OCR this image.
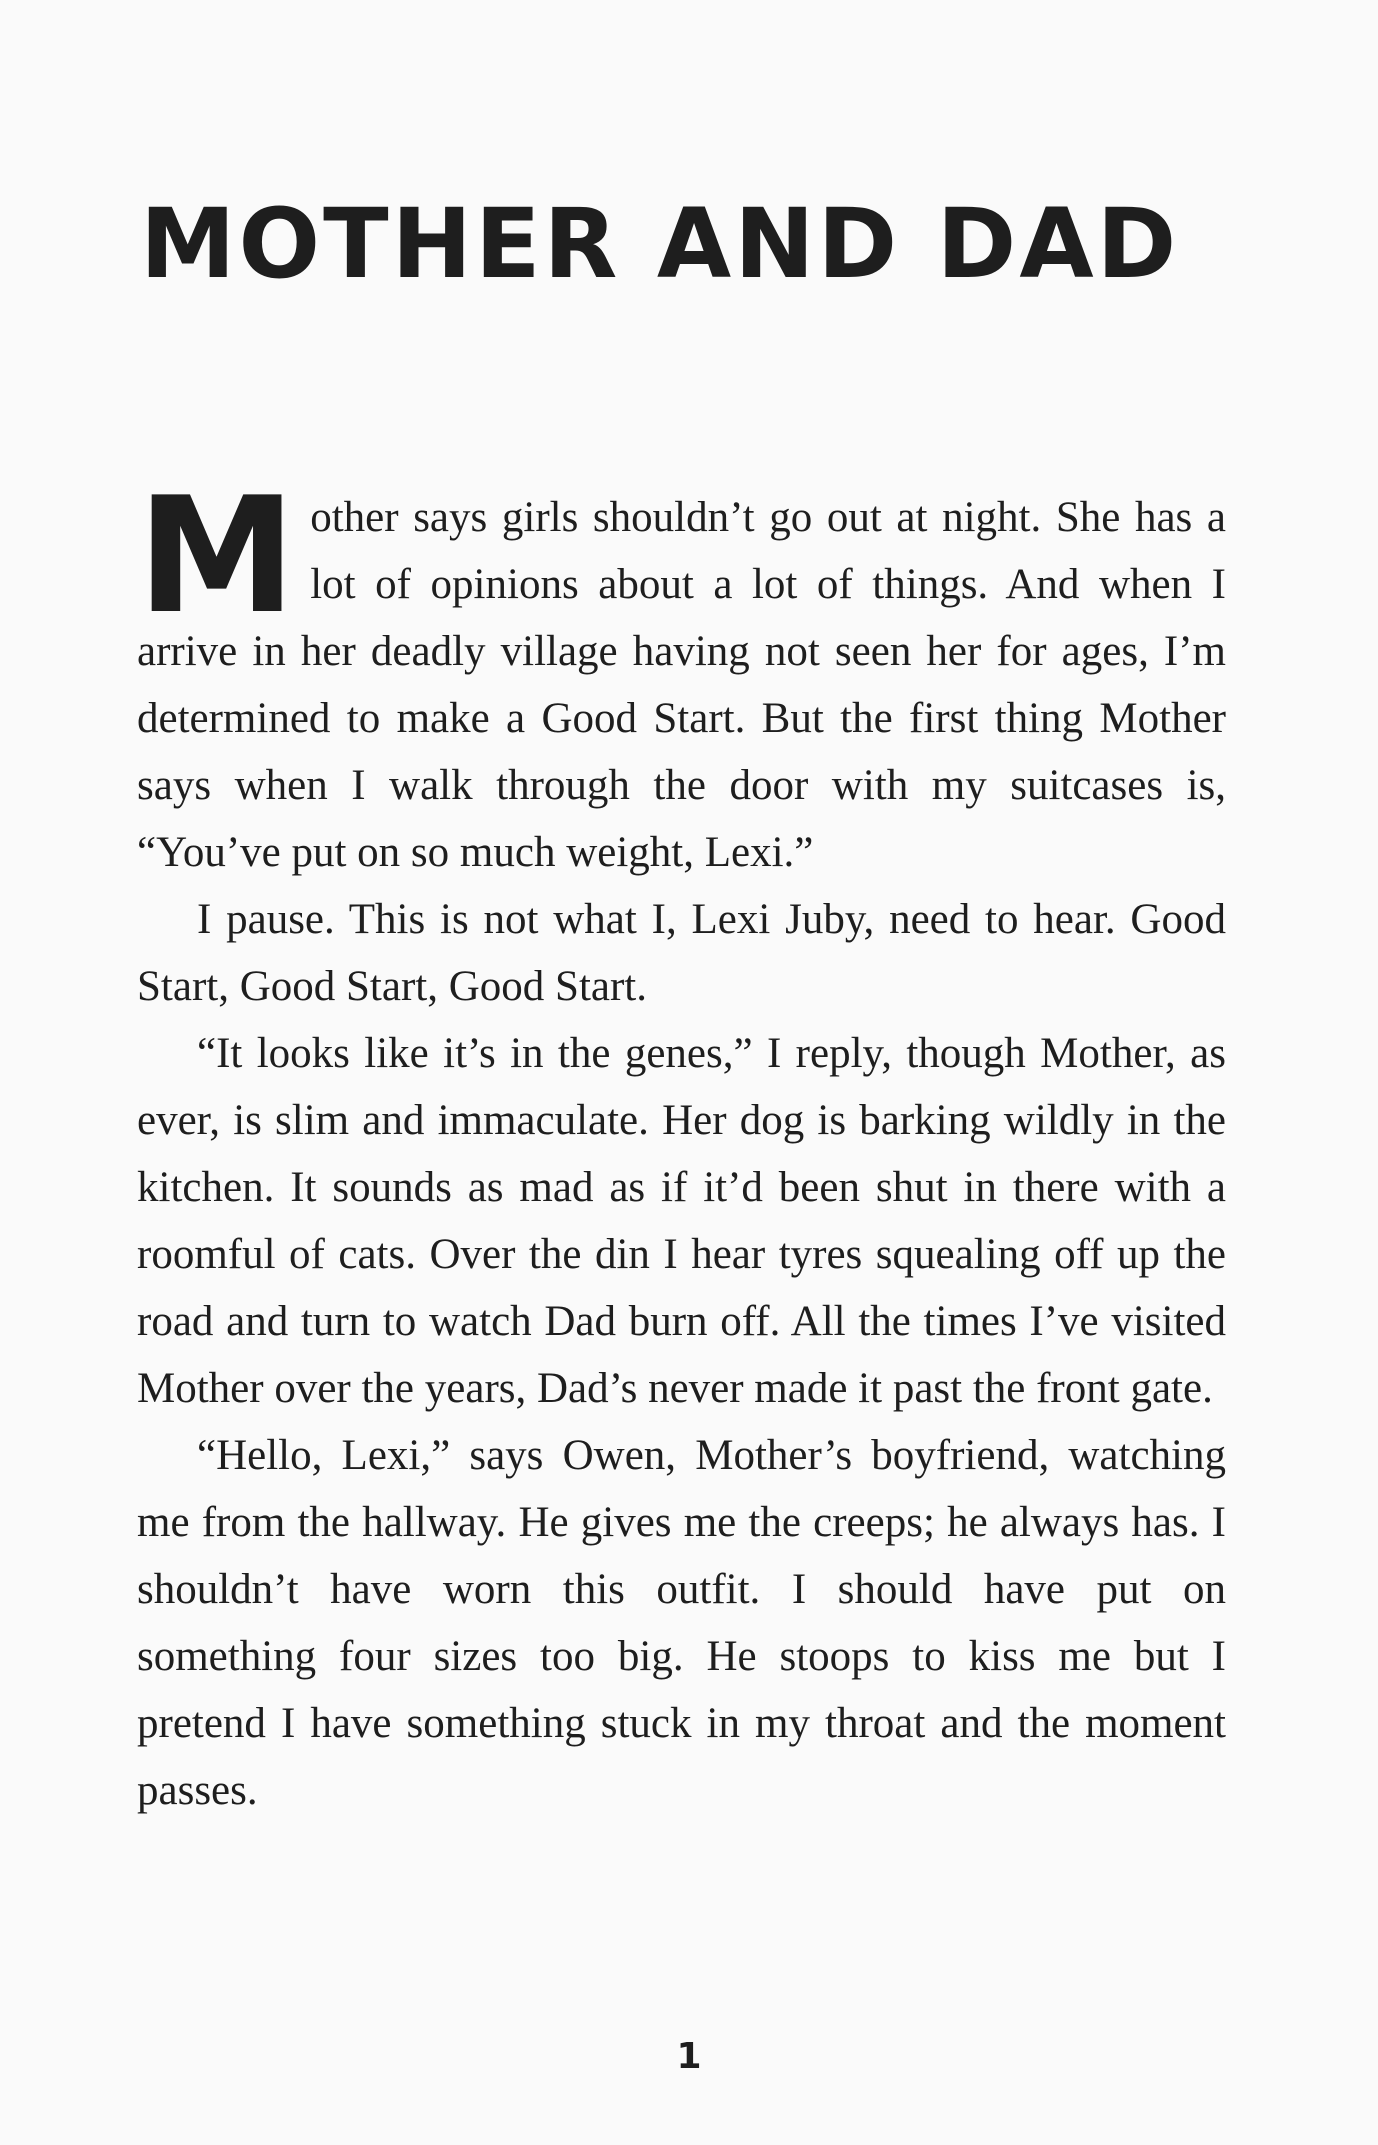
MOTHER AND DAD

Mother says girls shouldn’t go out at night. She has a lot of opinions about a lot of things. And when I arrive in her deadly village having not seen her for ages, I’m determined to make a Good Start. But the first thing Mother says when I walk through the door with my suitcases is, “You’ve put on so much weight, Lexi.”

I pause. This is not what I, Lexi Juby, need to hear. Good Start, Good Start, Good Start.

“It looks like it’s in the genes,” I reply, though Mother, as ever, is slim and immaculate. Her dog is barking wildly in the kitchen. It sounds as mad as if it’d been shut in there with a roomful of cats. Over the din I hear tyres squealing off up the road and turn to watch Dad burn off. All the times I’ve visited Mother over the years, Dad’s never made it past the front gate.

“Hello, Lexi,” says Owen, Mother’s boyfriend, watching me from the hallway. He gives me the creeps; he always has. I shouldn’t have worn this outfit. I should have put on something four sizes too big. He stoops to kiss me but I pretend I have something stuck in my throat and the moment passes.

1
